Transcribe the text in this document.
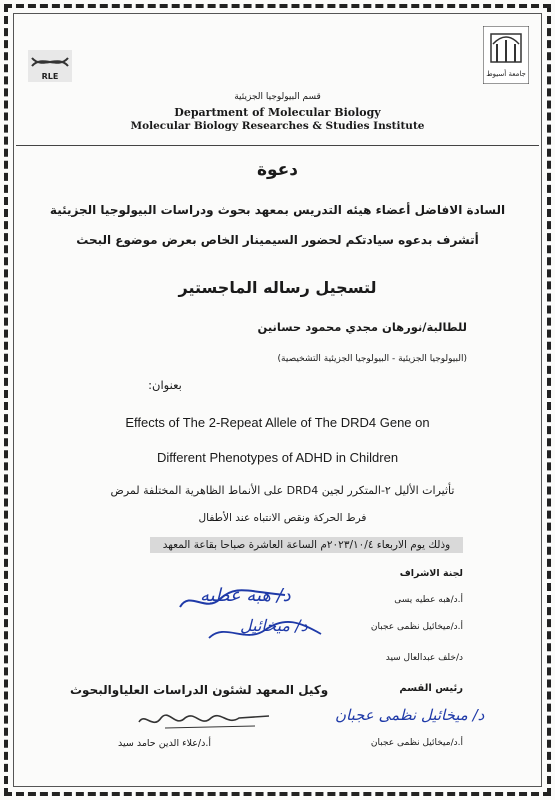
RLE	جامعة أسيوط
قسم البيولوجيا الجزيئية
Department of Molecular Biology
Molecular Biology Researches & Studies Institute
دعوة
السادة الافاضل أعضاء هيئه التدريس بمعهد بحوث ودراسات البيولوجيا الجزيئية
أتشرف بدعوه سيادتكم لحضور السيمينار الخاص بعرض موضوع البحث
لتسجيل رساله الماجستير
للطالبة/نورهان مجدي محمود حسانين
(البيولوجيا الجزيئية - البيولوجيا الجزيئية التشخيصية)
بعنوان:
Effects of The 2-Repeat Allele of The DRD4 Gene on
Different Phenotypes of ADHD in Children
تأثيرات الأليل ٢-المتكرر لجين DRD4 على الأنماط الظاهرية المختلفة لمرض
فرط الحركة ونقص الانتباه عند الأطفال
وذلك يوم الاربعاء ٢٠٢٣/١٠/٤م الساعة العاشرة صباحا بقاعة المعهد
لجنة الاشراف
أ.د/هبه عطيه يسى
أ.د/ميخائيل نظمى عجبان
د/خلف عبدالعال سيد
د/ هبه عطيه
د/ ميخائيل
رئيس القسم
وكيل المعهد لشئون الدراسات العلياوالبحوث
د/ ميخائيل نظمى عجبان
أ.د/ميخائيل نظمى عجبان
أ.د/علاء الدين حامد سيد
